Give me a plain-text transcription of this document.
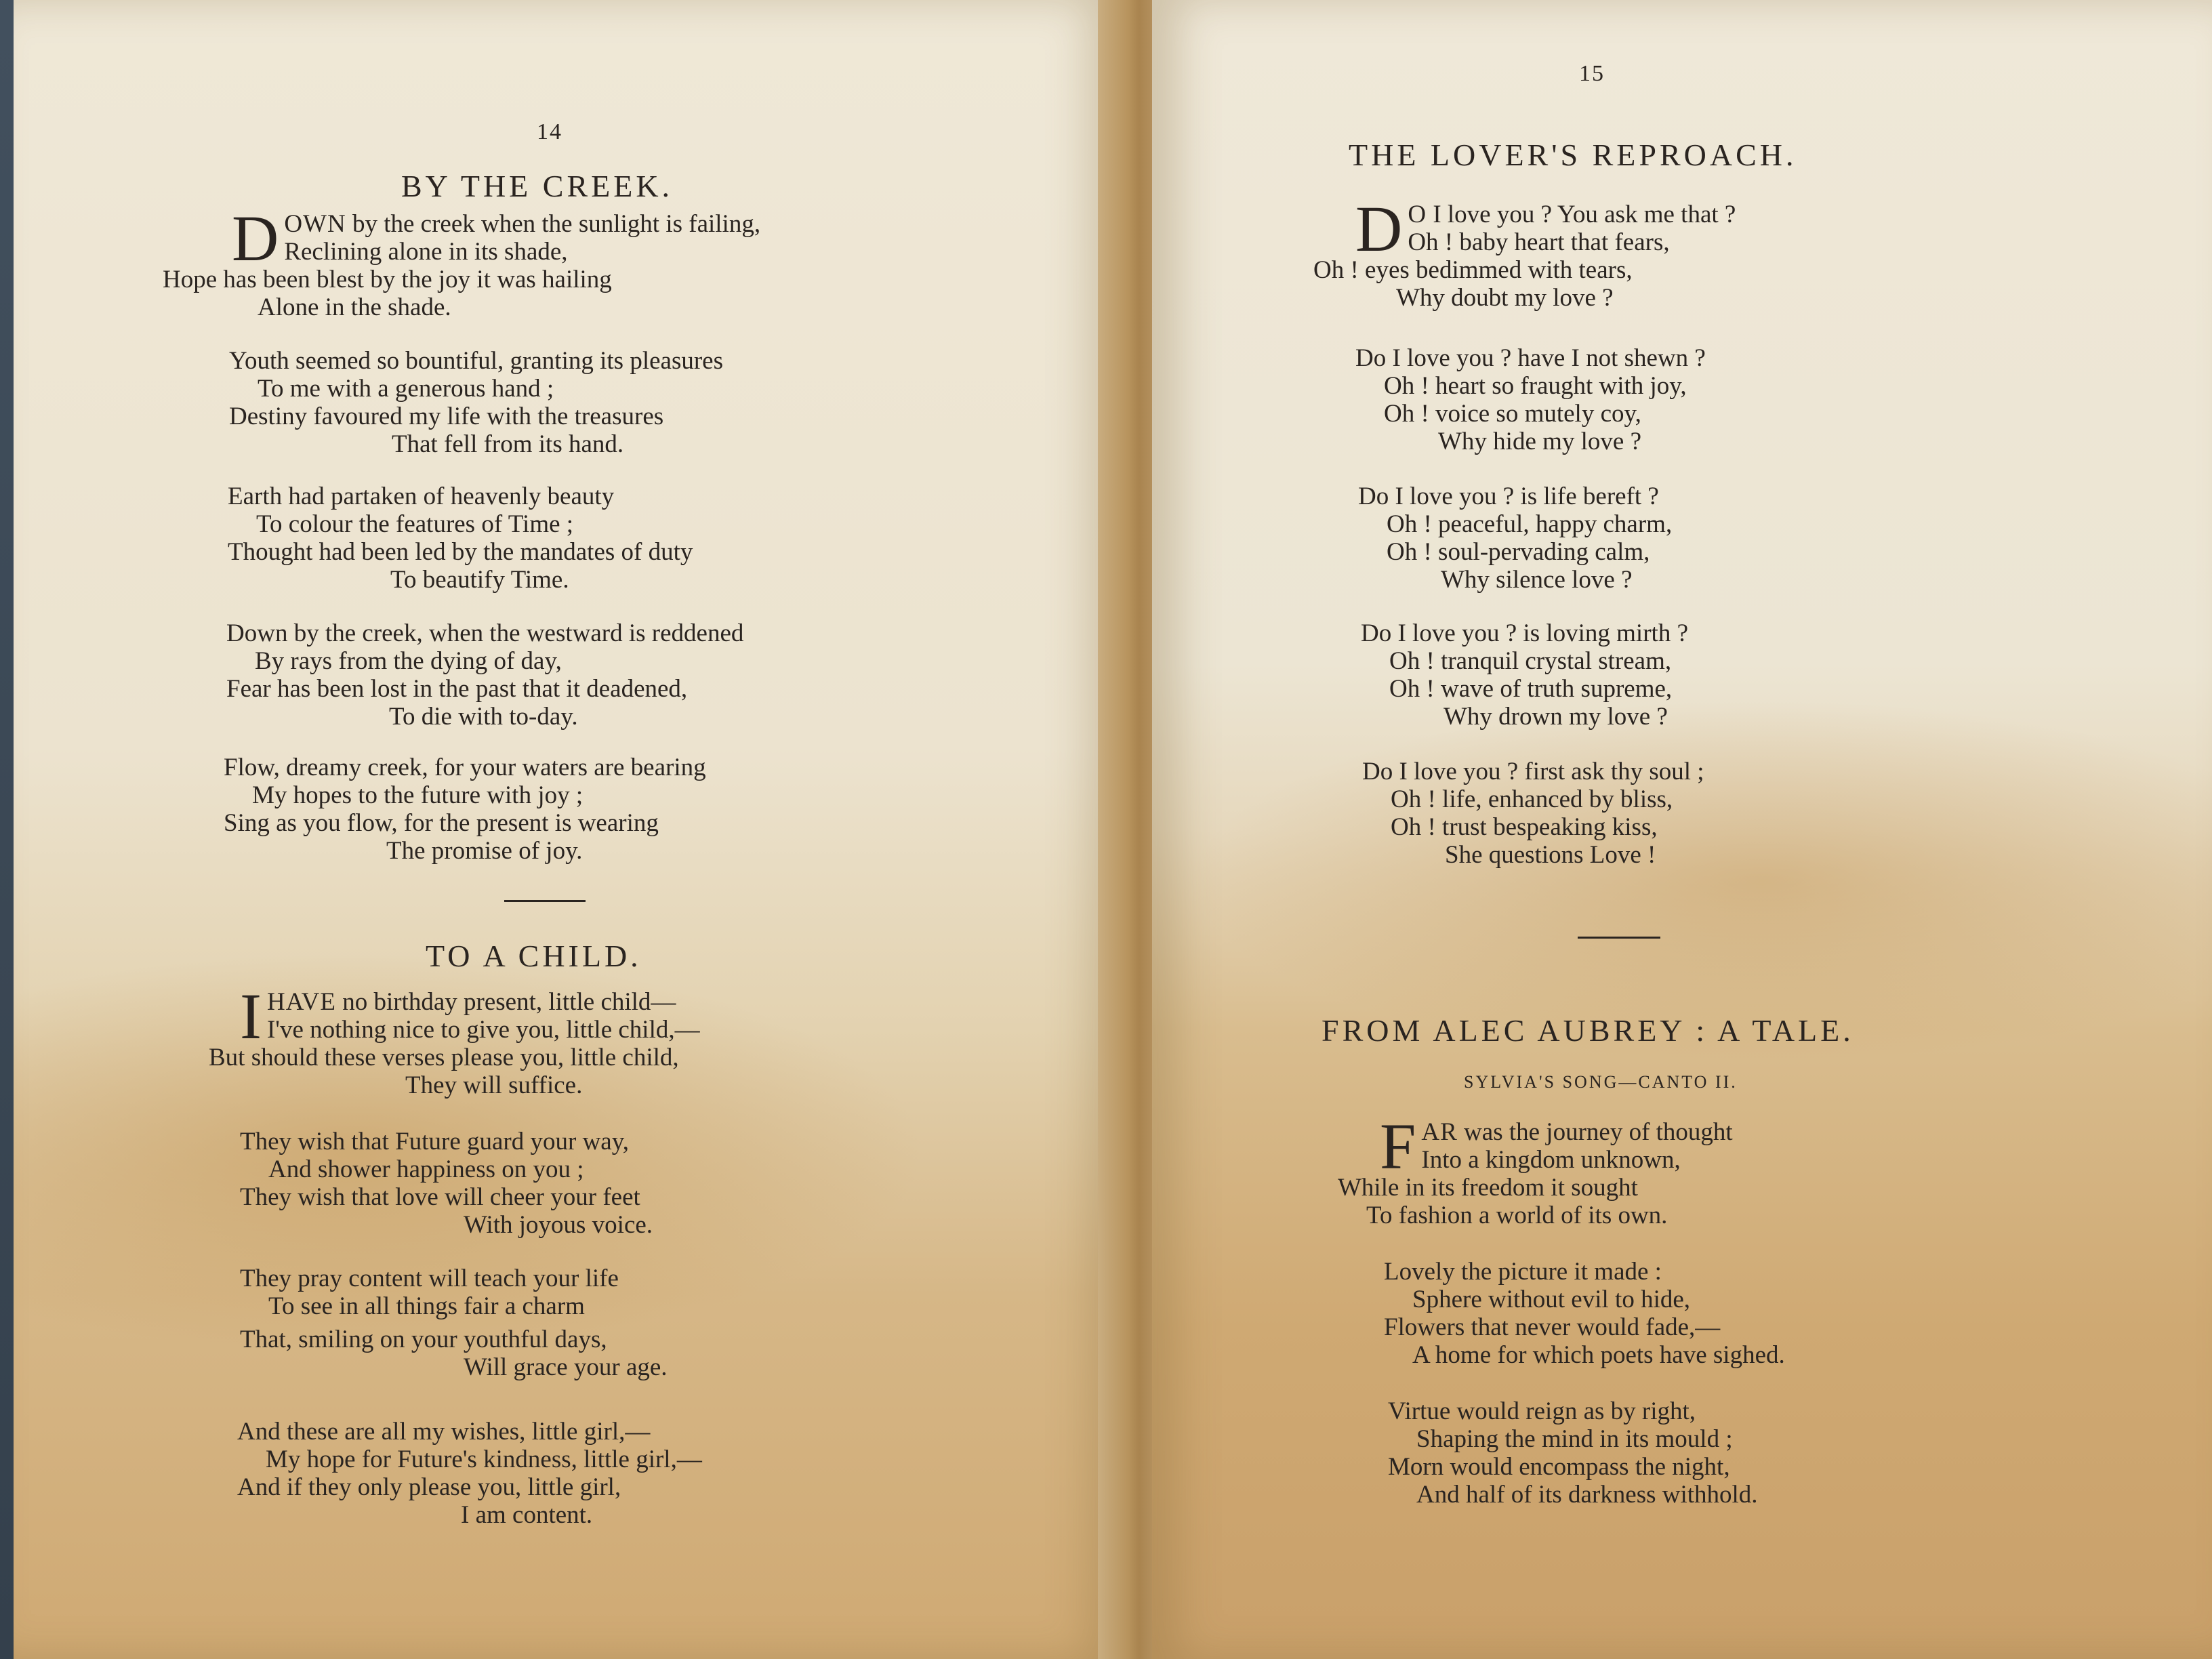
14
BY THE CREEK.
D OWN by the creek when the sunlight is failing,
Reclining alone in its shade,
Hope has been blest by the joy it was hailing
Alone in the shade.
Youth seemed so bountiful, granting its pleasures
To me with a generous hand ;
Destiny favoured my life with the treasures
That fell from its hand.
Earth had partaken of heavenly beauty
To colour the features of Time ;
Thought had been led by the mandates of duty
To beautify Time.
Down by the creek, when the westward is reddened
By rays from the dying of day,
Fear has been lost in the past that it deadened,
To die with to-day.
Flow, dreamy creek, for your waters are bearing
My hopes to the future with joy ;
Sing as you flow, for the present is wearing
The promise of joy.
TO A CHILD.
I HAVE no birthday present, little child—
I've nothing nice to give you, little child,—
But should these verses please you, little child,
They will suffice.
They wish that Future guard your way,
And shower happiness on you ;
They wish that love will cheer your feet
With joyous voice.
They pray content will teach your life
To see in all things fair a charm
That, smiling on your youthful days,
Will grace your age.
And these are all my wishes, little girl,—
My hope for Future's kindness, little girl,—
And if they only please you, little girl,
I am content.
15
THE LOVER'S REPROACH.
D O I love you ? You ask me that ?
Oh ! baby heart that fears,
Oh ! eyes bedimmed with tears,
Why doubt my love ?
Do I love you ? have I not shewn ?
Oh ! heart so fraught with joy,
Oh ! voice so mutely coy,
Why hide my love ?
Do I love you ? is life bereft ?
Oh ! peaceful, happy charm,
Oh ! soul-pervading calm,
Why silence love ?
Do I love you ? is loving mirth ?
Oh ! tranquil crystal stream,
Oh ! wave of truth supreme,
Why drown my love ?
Do I love you ? first ask thy soul ;
Oh ! life, enhanced by bliss,
Oh ! trust bespeaking kiss,
She questions Love !
FROM ALEC AUBREY : A TALE.
SYLVIA'S SONG—CANTO II.
F AR was the journey of thought
Into a kingdom unknown,
While in its freedom it sought
To fashion a world of its own.
Lovely the picture it made :
Sphere without evil to hide,
Flowers that never would fade,—
A home for which poets have sighed.
Virtue would reign as by right,
Shaping the mind in its mould ;
Morn would encompass the night,
And half of its darkness withhold.
